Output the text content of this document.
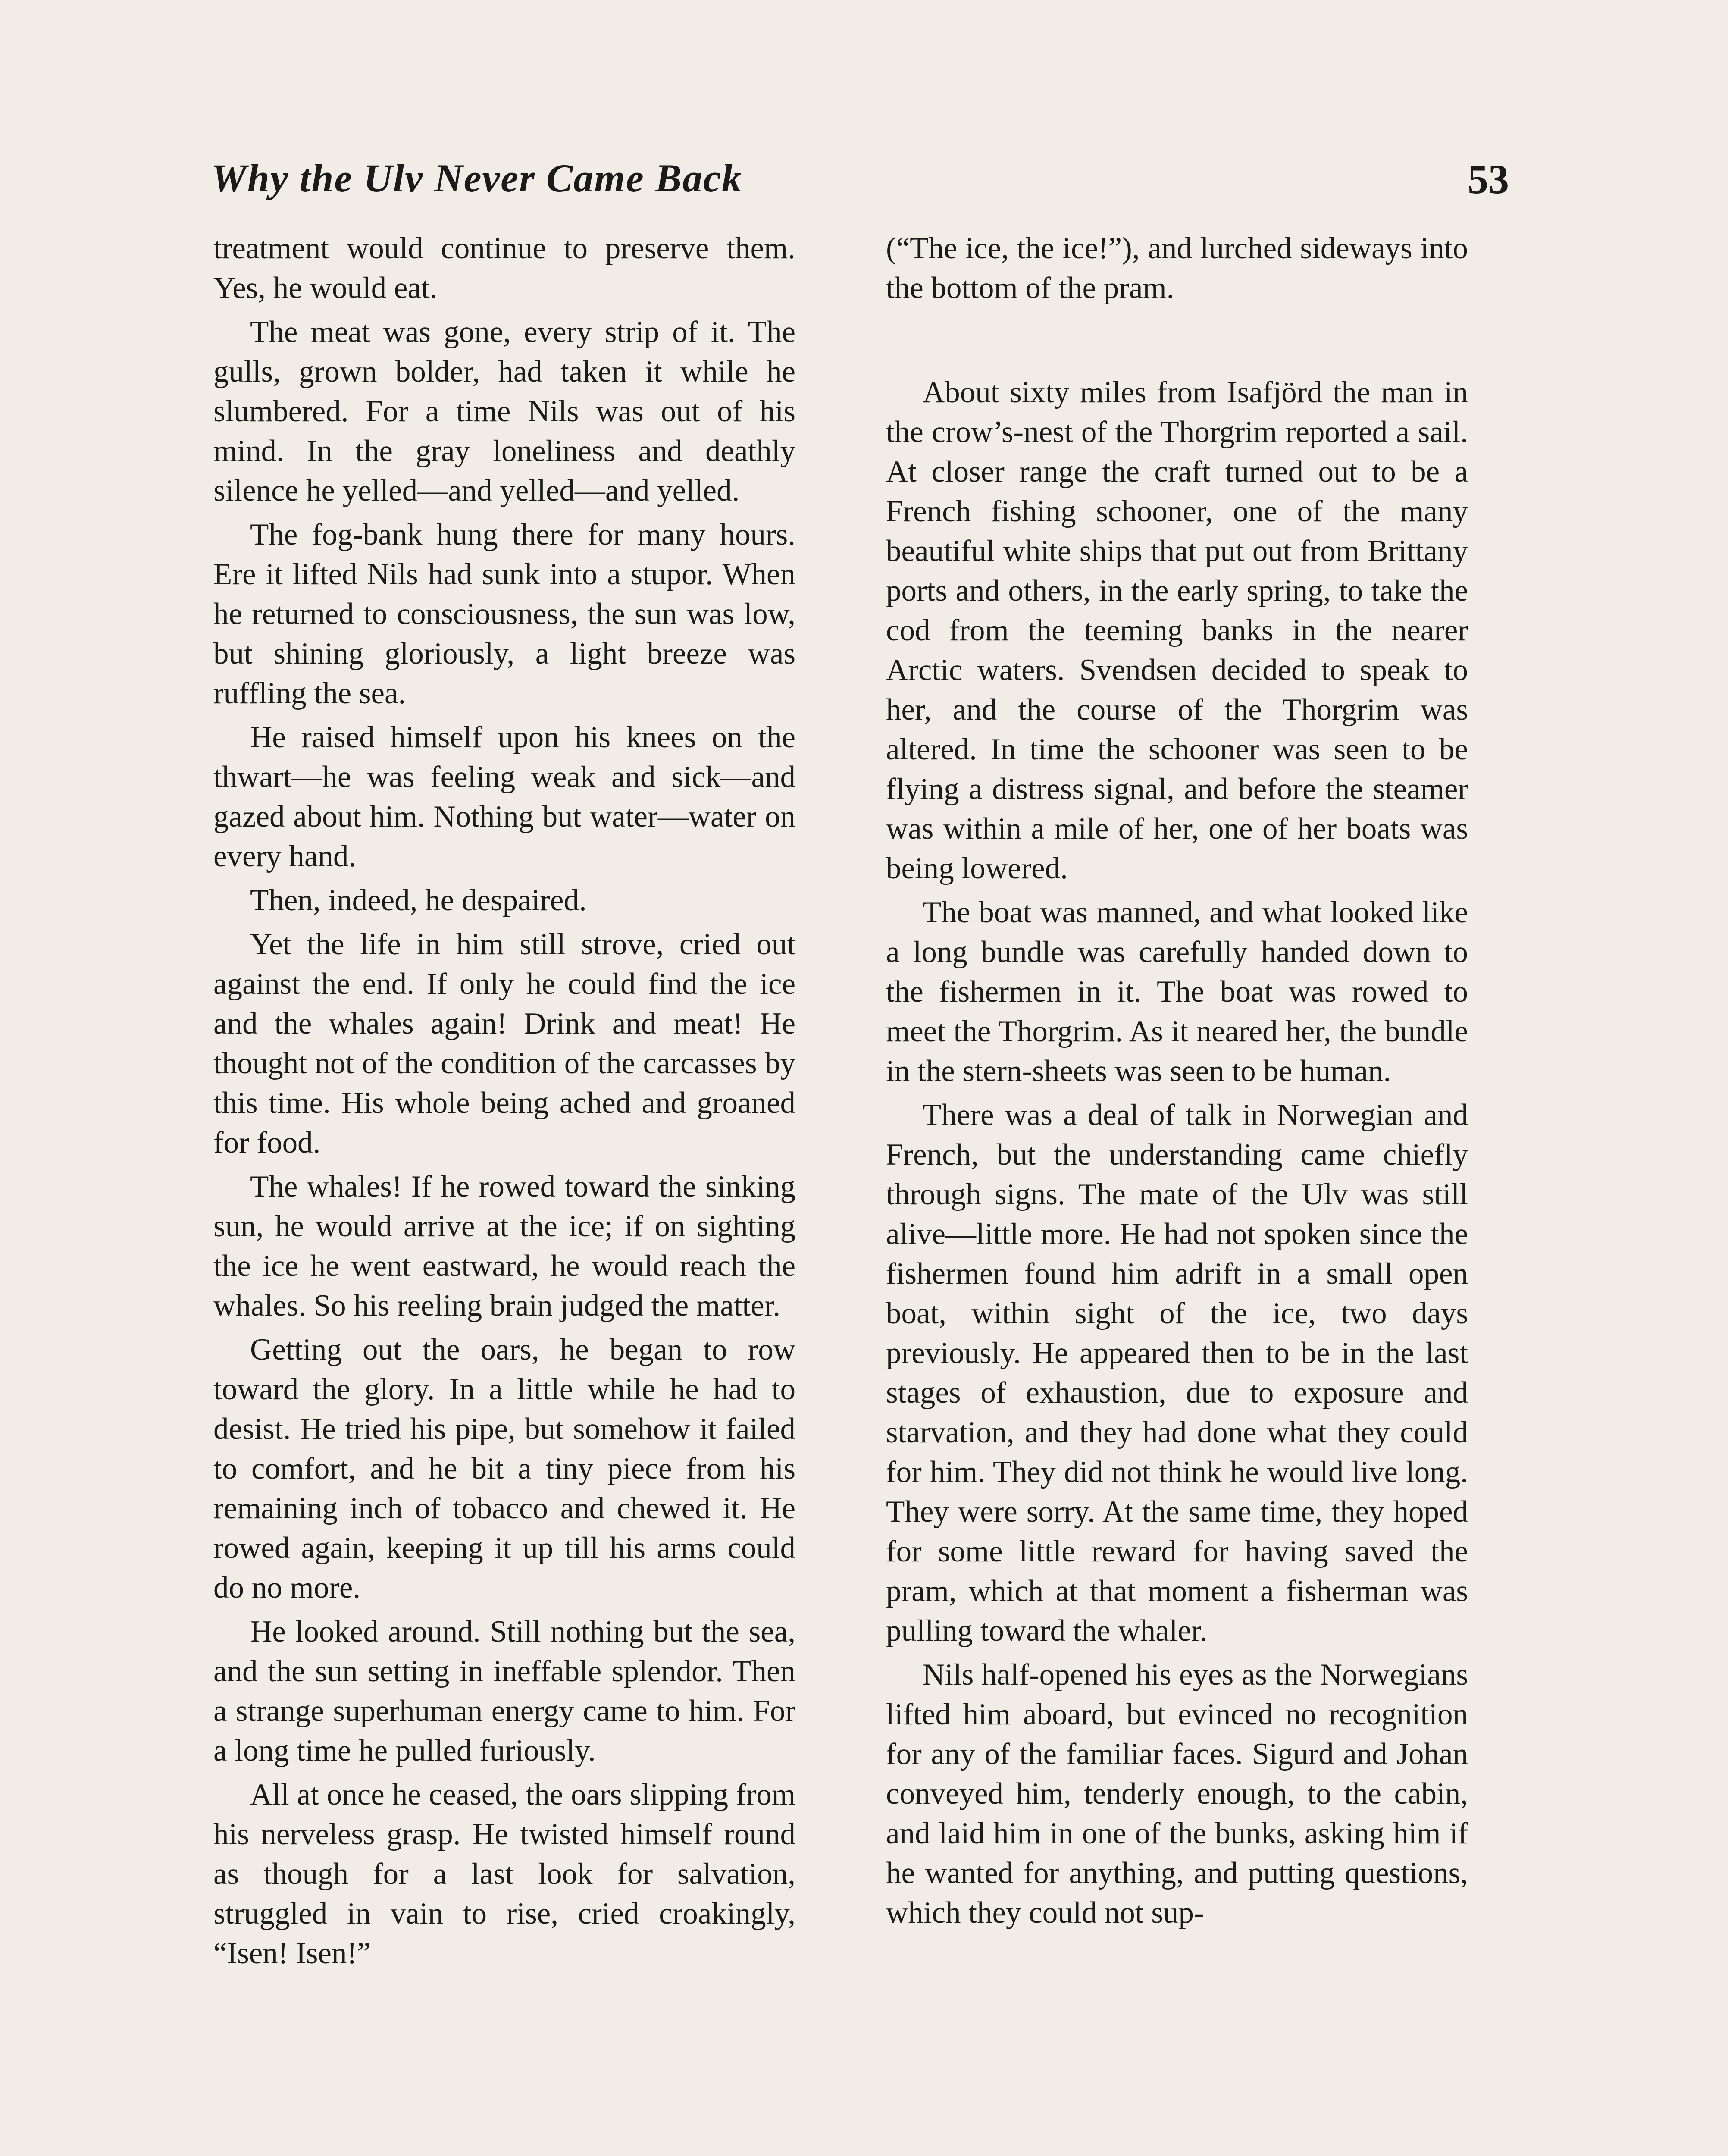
Why the Ulv Never Came Back	53

treatment would continue to preserve them. Yes, he would eat.

The meat was gone, every strip of it. The gulls, grown bolder, had taken it while he slumbered. For a time Nils was out of his mind. In the gray loneliness and deathly silence he yelled—and yelled—and yelled.

The fog-bank hung there for many hours. Ere it lifted Nils had sunk into a stupor. When he returned to consciousness, the sun was low, but shining gloriously, a light breeze was ruffling the sea.

He raised himself upon his knees on the thwart—he was feeling weak and sick—and gazed about him. Nothing but water—water on every hand.

Then, indeed, he despaired.

Yet the life in him still strove, cried out against the end. If only he could find the ice and the whales again! Drink and meat! He thought not of the condition of the carcasses by this time. His whole being ached and groaned for food.

The whales! If he rowed toward the sinking sun, he would arrive at the ice; if on sighting the ice he went eastward, he would reach the whales. So his reeling brain judged the matter.

Getting out the oars, he began to row toward the glory. In a little while he had to desist. He tried his pipe, but somehow it failed to comfort, and he bit a tiny piece from his remaining inch of tobacco and chewed it. He rowed again, keeping it up till his arms could do no more.

He looked around. Still nothing but the sea, and the sun setting in ineffable splendor. Then a strange superhuman energy came to him. For a long time he pulled furiously.

All at once he ceased, the oars slipping from his nerveless grasp. He twisted himself round as though for a last look for salvation, struggled in vain to rise, cried croakingly, “Isen! Isen!”

(“The ice, the ice!”), and lurched sideways into the bottom of the pram.

About sixty miles from Isafjörd the man in the crow’s-nest of the Thorgrim reported a sail. At closer range the craft turned out to be a French fishing schooner, one of the many beautiful white ships that put out from Brittany ports and others, in the early spring, to take the cod from the teeming banks in the nearer Arctic waters. Svendsen decided to speak to her, and the course of the Thorgrim was altered. In time the schooner was seen to be flying a distress signal, and before the steamer was within a mile of her, one of her boats was being lowered.

The boat was manned, and what looked like a long bundle was carefully handed down to the fishermen in it. The boat was rowed to meet the Thorgrim. As it neared her, the bundle in the stern-sheets was seen to be human.

There was a deal of talk in Norwegian and French, but the understanding came chiefly through signs. The mate of the Ulv was still alive—little more. He had not spoken since the fishermen found him adrift in a small open boat, within sight of the ice, two days previously. He appeared then to be in the last stages of exhaustion, due to exposure and starvation, and they had done what they could for him. They did not think he would live long. They were sorry. At the same time, they hoped for some little reward for having saved the pram, which at that moment a fisherman was pulling toward the whaler.

Nils half-opened his eyes as the Norwegians lifted him aboard, but evinced no recognition for any of the familiar faces. Sigurd and Johan conveyed him, tenderly enough, to the cabin, and laid him in one of the bunks, asking him if he wanted for anything, and putting questions, which they could not sup-
